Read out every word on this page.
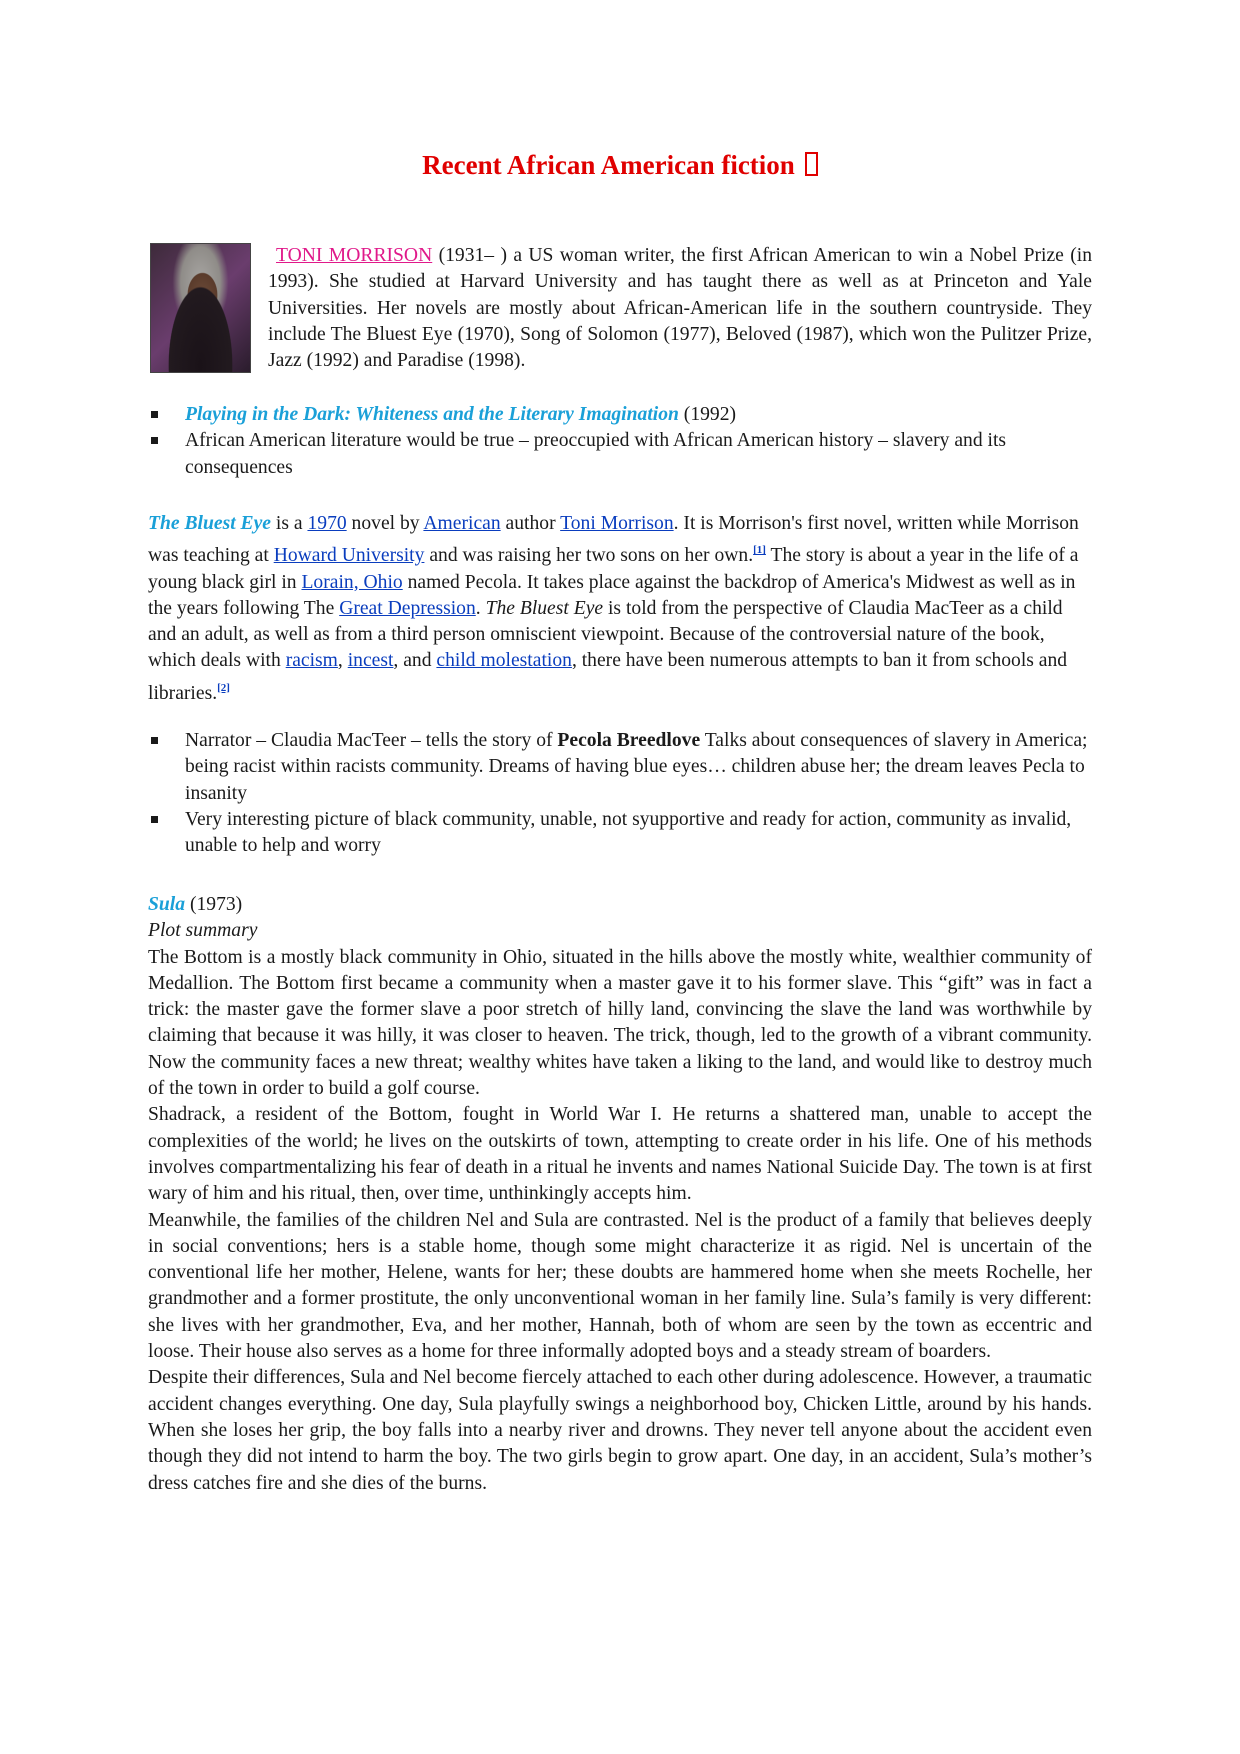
Recent African American fiction
TONI MORRISON (1931– ) a US woman writer, the first African American to win a Nobel Prize (in 1993). She studied at Harvard University and has taught there as well as at Princeton and Yale Universities. Her novels are mostly about African-American life in the southern countryside. They include The Bluest Eye (1970), Song of Solomon (1977), Beloved (1987), which won the Pulitzer Prize, Jazz (1992) and Paradise (1998).
Playing in the Dark: Whiteness and the Literary Imagination (1992)
African American literature would be true – preoccupied with African American history – slavery and its consequences
The Bluest Eye is a 1970 novel by American author Toni Morrison. It is Morrison's first novel, written while Morrison was teaching at Howard University and was raising her two sons on her own.[1] The story is about a year in the life of a young black girl in Lorain, Ohio named Pecola. It takes place against the backdrop of America's Midwest as well as in the years following The Great Depression. The Bluest Eye is told from the perspective of Claudia MacTeer as a child and an adult, as well as from a third person omniscient viewpoint. Because of the controversial nature of the book, which deals with racism, incest, and child molestation, there have been numerous attempts to ban it from schools and libraries.[2]
Narrator – Claudia MacTeer – tells the story of Pecola Breedlove Talks about consequences of slavery in America; being racist within racists community. Dreams of having blue eyes… children abuse her; the dream leaves Pecla to insanity
Very interesting picture of black community, unable, not syupportive and ready for action, community as invalid, unable to help and worry
Sula (1973)
Plot summary
The Bottom is a mostly black community in Ohio, situated in the hills above the mostly white, wealthier community of Medallion. The Bottom first became a community when a master gave it to his former slave. This “gift” was in fact a trick: the master gave the former slave a poor stretch of hilly land, convincing the slave the land was worthwhile by claiming that because it was hilly, it was closer to heaven. The trick, though, led to the growth of a vibrant community. Now the community faces a new threat; wealthy whites have taken a liking to the land, and would like to destroy much of the town in order to build a golf course.
Shadrack, a resident of the Bottom, fought in World War I. He returns a shattered man, unable to accept the complexities of the world; he lives on the outskirts of town, attempting to create order in his life. One of his methods involves compartmentalizing his fear of death in a ritual he invents and names National Suicide Day. The town is at first wary of him and his ritual, then, over time, unthinkingly accepts him.
Meanwhile, the families of the children Nel and Sula are contrasted. Nel is the product of a family that believes deeply in social conventions; hers is a stable home, though some might characterize it as rigid. Nel is uncertain of the conventional life her mother, Helene, wants for her; these doubts are hammered home when she meets Rochelle, her grandmother and a former prostitute, the only unconventional woman in her family line. Sula’s family is very different: she lives with her grandmother, Eva, and her mother, Hannah, both of whom are seen by the town as eccentric and loose. Their house also serves as a home for three informally adopted boys and a steady stream of boarders.
Despite their differences, Sula and Nel become fiercely attached to each other during adolescence. However, a traumatic accident changes everything. One day, Sula playfully swings a neighborhood boy, Chicken Little, around by his hands. When she loses her grip, the boy falls into a nearby river and drowns. They never tell anyone about the accident even though they did not intend to harm the boy. The two girls begin to grow apart. One day, in an accident, Sula’s mother’s dress catches fire and she dies of the burns.
